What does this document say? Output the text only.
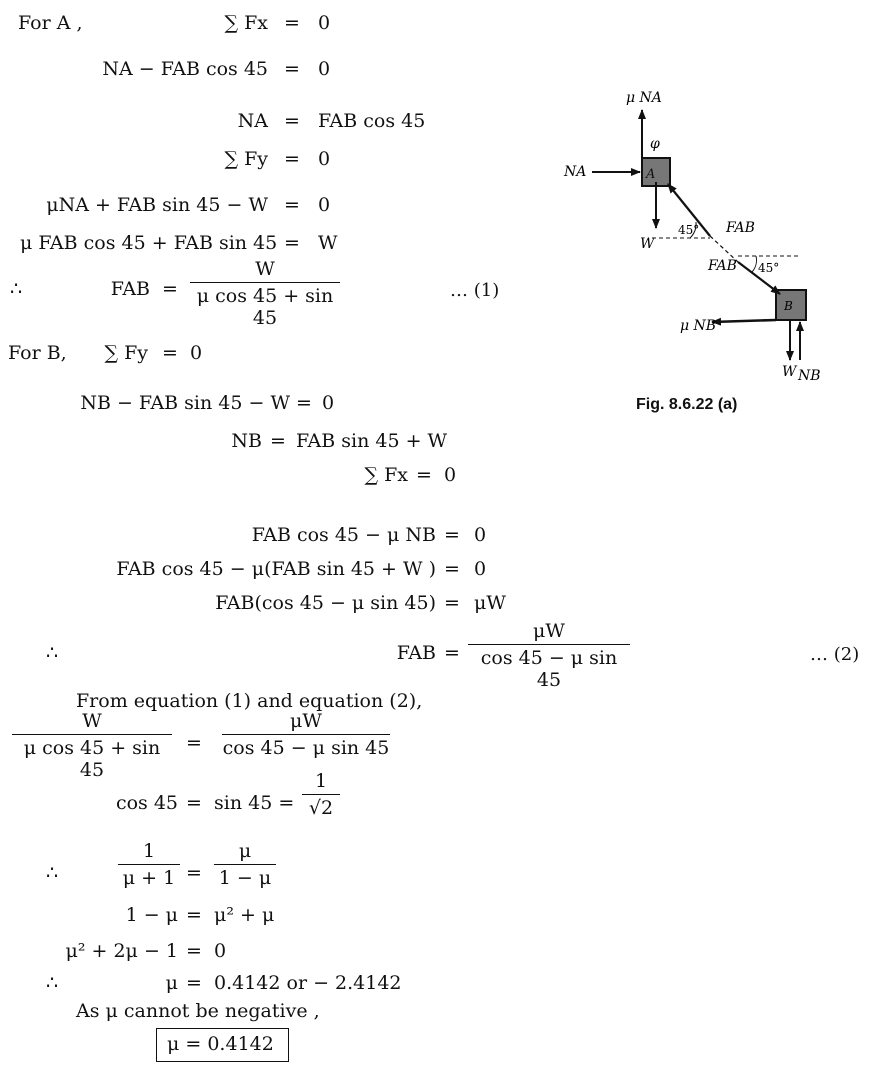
For A ,	∑ Fx = 0
NA − FAB cos 45 = 0
NA = FAB cos 45
∑ Fy = 0
μNA + FAB sin 45 − W = 0
μ FAB cos 45 + FAB sin 45 = W
∴	FAB = $\frac{W}{\text{μ cos 45 + sin 45}}$	… (1)
For B,	∑ Fy = 0
NB − FAB sin 45 − W = 0
NB = FAB sin 45 + W
∑ Fx = 0
FAB cos 45 − μ NB = 0
FAB cos 45 − μ(FAB sin 45 + W ) = 0
FAB(cos 45 − μ sin 45) = μW
∴	FAB = $\frac{\mu W}{\text{cos 45 − μ sin 45}}$	… (2)
From equation (1) and equation (2),
$\frac{W}{\text{μ cos 45 + sin 45}} = \frac{\mu W}{\text{cos 45 − μ sin 45}}$
$\cos 45 = \sin 45 = \frac{1}{√2}$
∴	$\frac{1}{\mu + 1} = \frac{\mu}{1 - \mu}$
1 − μ = μ² + μ
μ² + 2μ − 1 = 0
∴	μ = 0.4142 or − 2.4142
As μ cannot be negative ,
μ = 0.4142
μ NA
φ
NA	A
W
45° FAB
FAB 45°
μ NB
B
W NB
Fig. 8.6.22 (a)
